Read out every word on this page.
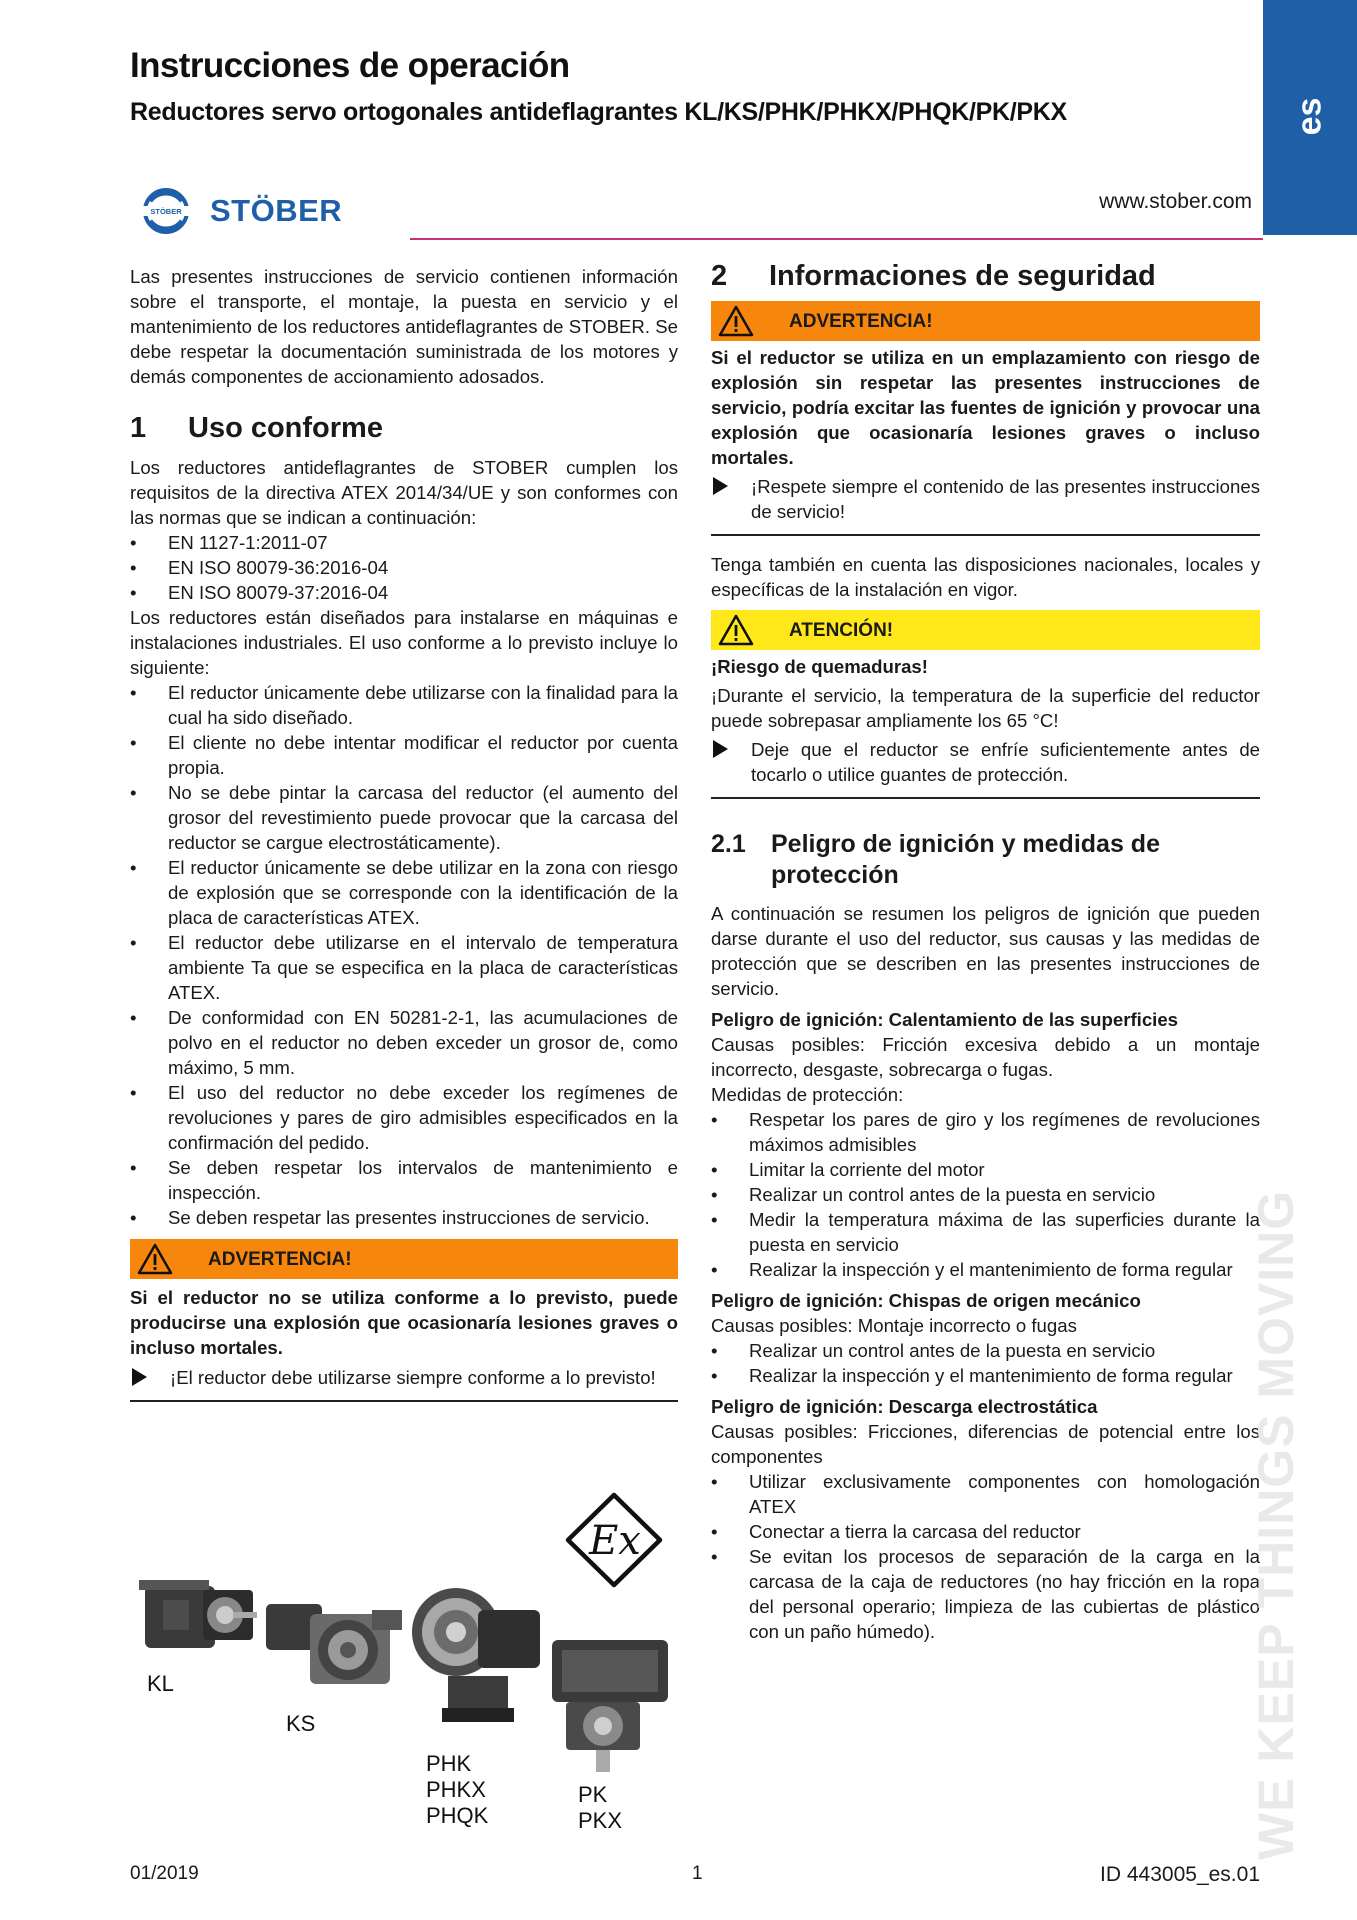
Instrucciones de operación
Reductores servo ortogonales antideflagrantes KL/KS/PHK/PHKX/PHQK/PK/PKX	es
STÖBER STÖBER	www.stober.com

Las presentes instrucciones de servicio contienen información sobre el transporte, el montaje, la puesta en servicio y el mantenimiento de los reductores antideflagrantes de STOBER. Se debe respetar la documentación suministrada de los motores y demás componentes de accionamiento adosados.

1	Uso conforme

Los reductores antideflagrantes de STOBER cumplen los requisitos de la directiva ATEX 2014/34/UE y son conformes con las normas que se indican a continuación:

• EN 1127-1:2011-07
• EN ISO 80079-36:2016-04
• EN ISO 80079-37:2016-04

Los reductores están diseñados para instalarse en máquinas e instalaciones industriales. El uso conforme a lo previsto incluye lo siguiente:

• El reductor únicamente debe utilizarse con la finalidad para la cual ha sido diseñado.
• El cliente no debe intentar modificar el reductor por cuenta propia.
• No se debe pintar la carcasa del reductor (el aumento del grosor del revestimiento puede provocar que la carcasa del reductor se cargue electrostáticamente).
• El reductor únicamente se debe utilizar en la zona con riesgo de explosión que se corresponde con la identificación de la placa de características ATEX.
• El reductor debe utilizarse en el intervalo de temperatura ambiente Ta que se especifica en la placa de características ATEX.
• De conformidad con EN 50281-2-1, las acumulaciones de polvo en el reductor no deben exceder un grosor de, como máximo, 5 mm.
• El uso del reductor no debe exceder los regímenes de revoluciones y pares de giro admisibles especificados en la confirmación del pedido.
• Se deben respetar los intervalos de mantenimiento e inspección.
• Se deben respetar las presentes instrucciones de servicio.
ADVERTENCIA!

Si el reductor no se utiliza conforme a lo previsto, puede producirse una explosión que ocasionaría lesiones graves o incluso mortales.

¡El reductor debe utilizarse siempre conforme a lo previsto!
Ex
KL
KS
PHK
PHKX
PHQK
PK
PKX
2	Informaciones de seguridad
ADVERTENCIA!

Si el reductor se utiliza en un emplazamiento con riesgo de explosión sin respetar las presentes instrucciones de servicio, podría excitar las fuentes de ignición y provocar una explosión que ocasionaría lesiones graves o incluso mortales.

¡Respete siempre el contenido de las presentes instrucciones de servicio!

Tenga también en cuenta las disposiciones nacionales, locales y específicas de la instalación en vigor.

ATENCIÓN!

¡Riesgo de quemaduras!

¡Durante el servicio, la temperatura de la superficie del reductor puede sobrepasar ampliamente los 65 °C!

Deje que el reductor se enfríe suficientemente antes de tocarlo o utilice guantes de protección.
2.1	Peligro de ignición y medidas de protección

A continuación se resumen los peligros de ignición que pueden darse durante el uso del reductor, sus causas y las medidas de protección que se describen en las presentes instrucciones de servicio.

Peligro de ignición: Calentamiento de las superficies

Causas posibles: Fricción excesiva debido a un montaje incorrecto, desgaste, sobrecarga o fugas.

Medidas de protección:

• Respetar los pares de giro y los regímenes de revoluciones máximos admisibles
• Limitar la corriente del motor
• Realizar un control antes de la puesta en servicio
• Medir la temperatura máxima de las superficies durante la puesta en servicio
• Realizar la inspección y el mantenimiento de forma regular

Peligro de ignición: Chispas de origen mecánico

Causas posibles: Montaje incorrecto o fugas

• Realizar un control antes de la puesta en servicio
• Realizar la inspección y el mantenimiento de forma regular

Peligro de ignición: Descarga electrostática

Causas posibles: Fricciones, diferencias de potencial entre los componentes

• Utilizar exclusivamente componentes con homologación ATEX
• Conectar a tierra la carcasa del reductor
• Se evitan los procesos de separación de la carga en la carcasa de la caja de reductores (no hay fricción en la ropa del personal operario; limpieza de las cubiertas de plástico con un paño húmedo).	WE KEEP THINGS MOVING
01/2019	1	ID 443005_es.01
